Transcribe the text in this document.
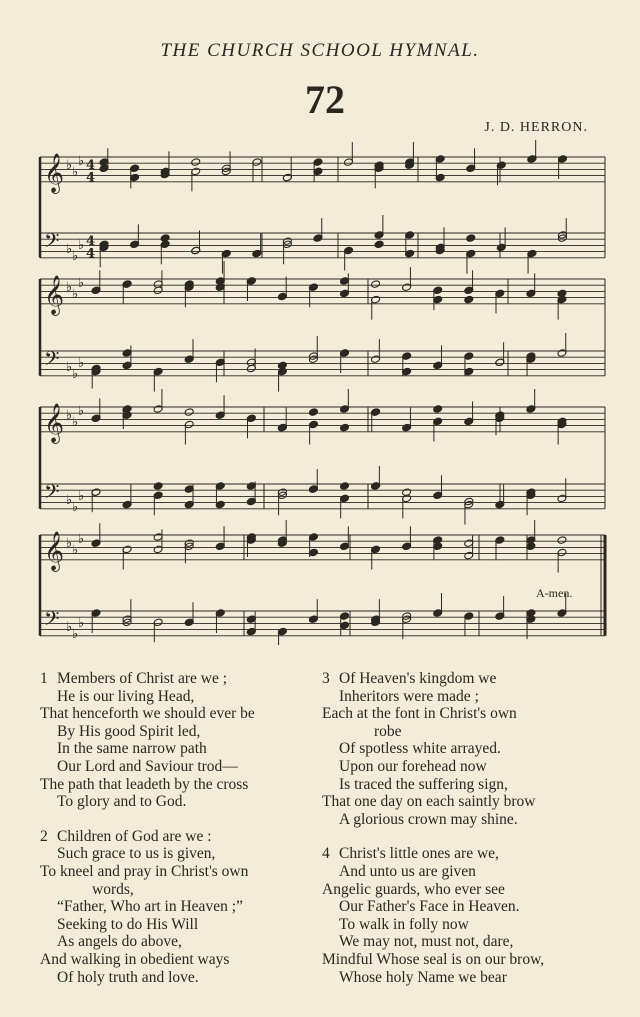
THE CHURCH SCHOOL HYMNAL.
72
J. D. HERRON.
𝄞 ♭ ♭
♭ 4
4
𝄢 ♭ ♭
♭ 4
4
𝄞 ♭ ♭
♭
𝄢 ♭ ♭
♭
𝄞 ♭ ♭
♭
𝄢 ♭ ♭
♭
𝄞 ♭ ♭
♭
𝄢 ♭ ♭
♭
A-men.
1 Members of Christ are we ;
He is our living Head,
That henceforth we should ever be
By His good Spirit led,
In the same narrow path
Our Lord and Saviour trod—
The path that leadeth by the cross
To glory and to God.
2 Children of God are we :
Such grace to us is given,
To kneel and pray in Christ's own
words,
“Father, Who art in Heaven ;”
Seeking to do His Will
As angels do above,
And walking in obedient ways
Of holy truth and love.
3 Of Heaven's kingdom we
Inheritors were made ;
Each at the font in Christ's own
robe
Of spotless white arrayed.
Upon our forehead now
Is traced the suffering sign,
That one day on each saintly brow
A glorious crown may shine.
4 Christ's little ones are we,
And unto us are given
Angelic guards, who ever see
Our Father's Face in Heaven.
To walk in folly now
We may not, must not, dare,
Mindful Whose seal is on our brow,
Whose holy Name we bear
